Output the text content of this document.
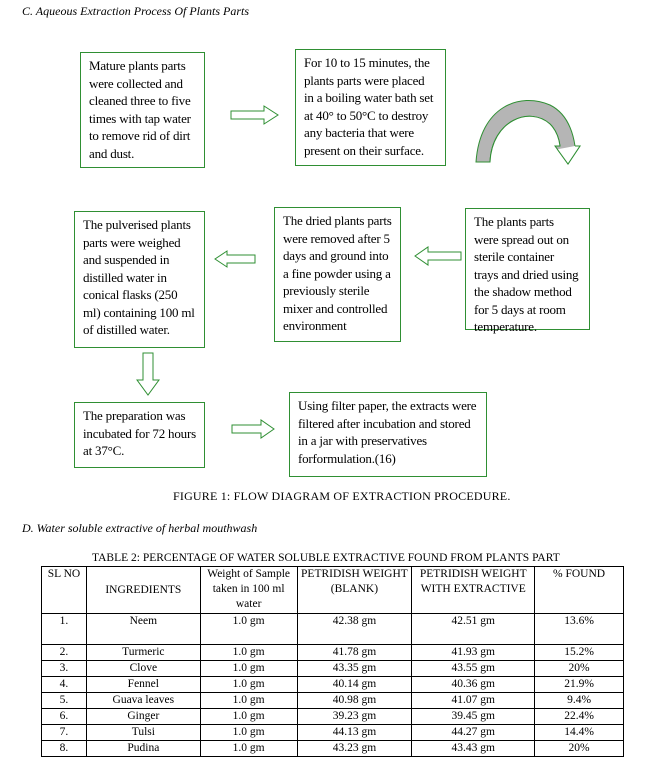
C. Aqueous Extraction Process Of Plants Parts
Mature plants parts were collected and cleaned three to five times with tap water to remove rid of dirt and dust.
For 10 to 15 minutes, the plants parts were placed in a boiling water bath set at 40° to 50°C to destroy any bacteria that were present on their surface.
The plants parts were spread out on sterile container trays and dried using the shadow method for 5 days at room temperature.
The dried plants parts were removed after 5 days and ground into a fine powder using a previously sterile mixer and controlled environment
The pulverised plants parts were weighed and suspended in distilled water in conical flasks (250 ml) containing 100 ml of distilled water.
The preparation was incubated for 72 hours at 37°C.
Using filter paper, the extracts were filtered after incubation and stored in a jar with preservatives forformulation.(16)
FIGURE 1: FLOW DIAGRAM OF EXTRACTION PROCEDURE.
D. Water soluble extractive of herbal mouthwash
TABLE 2: PERCENTAGE OF WATER SOLUBLE EXTRACTIVE FOUND FROM PLANTS PART
SL NO	INGREDIENTS	Weight of Sample taken in 100 ml water	PETRIDISH WEIGHT (BLANK)	PETRIDISH WEIGHT WITH EXTRACTIVE	% FOUND
1.	Neem	1.0 gm	42.38 gm	42.51 gm	13.6%
2.	Turmeric	1.0 gm	41.78 gm	41.93 gm	15.2%
3.	Clove	1.0 gm	43.35 gm	43.55 gm	20%
4.	Fennel	1.0 gm	40.14 gm	40.36 gm	21.9%
5.	Guava leaves	1.0 gm	40.98 gm	41.07 gm	9.4%
6.	Ginger	1.0 gm	39.23 gm	39.45 gm	22.4%
7.	Tulsi	1.0 gm	44.13 gm	44.27 gm	14.4%
8.	Pudina	1.0 gm	43.23 gm	43.43 gm	20%
